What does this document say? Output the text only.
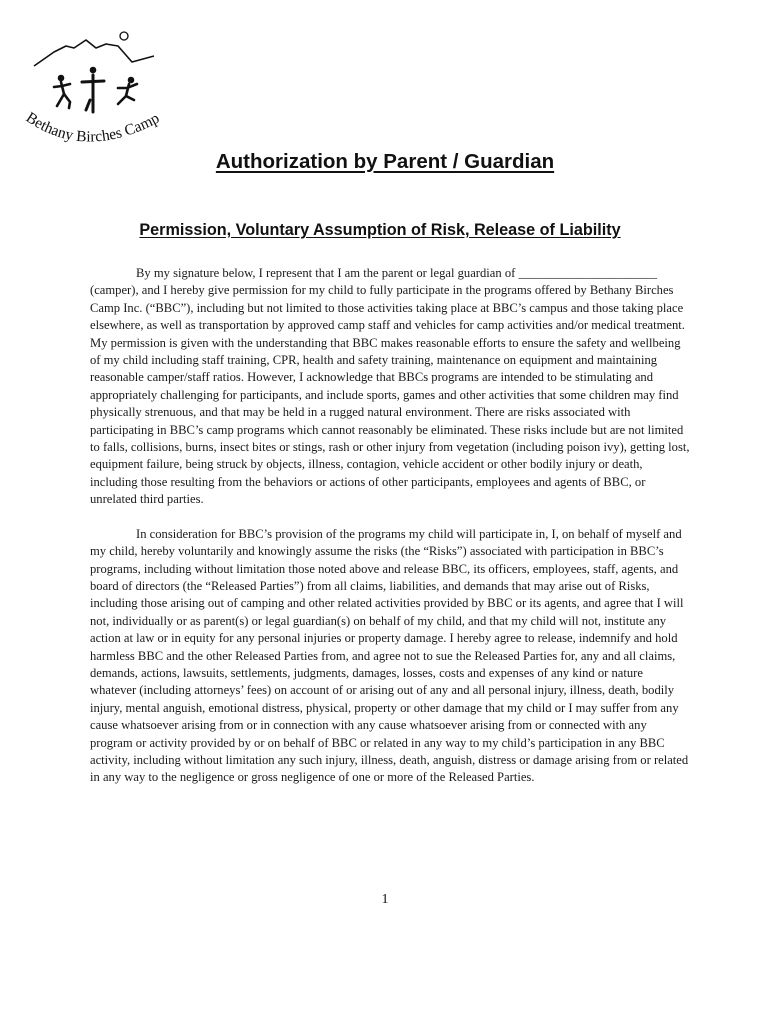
Bethany Birches Camp
Authorization by Parent / Guardian
Permission, Voluntary Assumption of Risk, Release of Liability

By my signature below, I represent that I am the parent or legal guardian of ______________________ (camper), and I hereby give permission for my child to fully participate in the programs offered by Bethany Birches Camp Inc. (“BBC”), including but not limited to those activities taking place at BBC’s campus and those taking place elsewhere, as well as transportation by approved camp staff and vehicles for camp activities and/or medical treatment. My permission is given with the understanding that BBC makes reasonable efforts to ensure the safety and wellbeing of my child including staff training, CPR, health and safety training, maintenance on equipment and maintaining reasonable camper/staff ratios. However, I acknowledge that BBCs programs are intended to be stimulating and appropriately challenging for participants, and include sports, games and other activities that some children may find physically strenuous, and that may be held in a rugged natural environment. There are risks associated with participating in BBC’s camp programs which cannot reasonably be eliminated. These risks include but are not limited to falls, collisions, burns, insect bites or stings, rash or other injury from vegetation (including poison ivy), getting lost, equipment failure, being struck by objects, illness, contagion, vehicle accident or other bodily injury or death, including those resulting from the behaviors or actions of other participants, employees and agents of BBC, or unrelated third parties.

In consideration for BBC’s provision of the programs my child will participate in, I, on behalf of myself and my child, hereby voluntarily and knowingly assume the risks (the “Risks”) associated with participation in BBC’s programs, including without limitation those noted above and release BBC, its officers, employees, staff, agents, and board of directors (the “Released Parties”) from all claims, liabilities, and demands that may arise out of Risks, including those arising out of camping and other related activities provided by BBC or its agents, and agree that I will not, individually or as parent(s) or legal guardian(s) on behalf of my child, and that my child will not, institute any action at law or in equity for any personal injuries or property damage. I hereby agree to release, indemnify and hold harmless BBC and the other Released Parties from, and agree not to sue the Released Parties for, any and all claims, demands, actions, lawsuits, settlements, judgments, damages, losses, costs and expenses of any kind or nature whatever (including attorneys’ fees) on account of or arising out of any and all personal injury, illness, death, bodily injury, mental anguish, emotional distress, physical, property or other damage that my child or I may suffer from any cause whatsoever arising from or in connection with any cause whatsoever arising from or connected with any program or activity provided by or on behalf of BBC or related in any way to my child’s participation in any BBC activity, including without limitation any such injury, illness, death, anguish, distress or damage arising from or related in any way to the negligence or gross negligence of one or more of the Released Parties.

1
